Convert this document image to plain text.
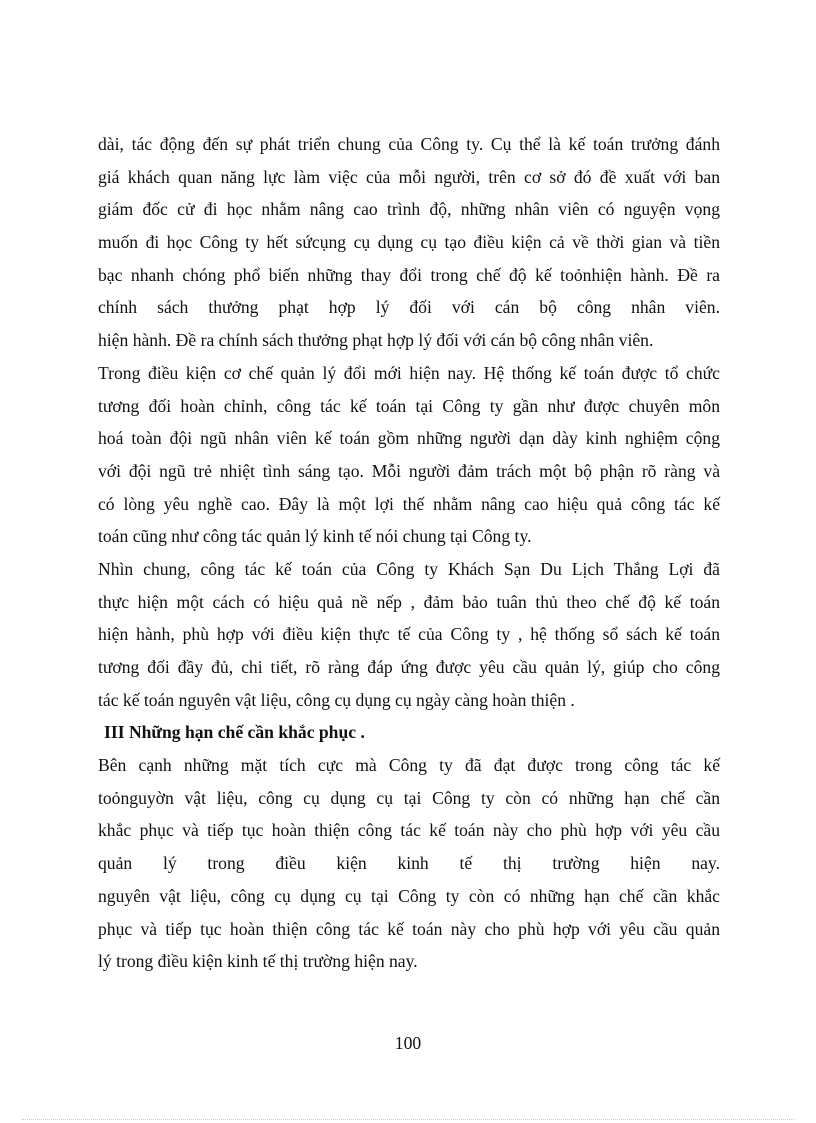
dài, tác động đến sự phát triển chung của Công ty. Cụ thể là kế toán trưởng đánh
giá khách quan năng lực làm việc của mỗi người, trên cơ sở đó đề xuất với ban
giám đốc cử đi học nhằm nâng cao trình độ, những nhân viên có nguyện vọng
muốn đi học Công ty hết sứcụng cụ dụng cụ tạo điều kiện cả về thời gian và tiền
bạc nhanh chóng phổ biến những thay đổi trong chế độ kế toỏnhiện hành. Đề ra
chính sách thưởng phạt hợp lý đối với cán bộ công nhân viên.
hiện hành. Đề ra chính sách thưởng phạt hợp lý đối với cán bộ công nhân viên.
Trong điều kiện cơ chế quản lý đổi mới hiện nay. Hệ thống kế toán được tổ chức
tương đối hoàn chỉnh, công tác kế toán tại Công ty gần như được chuyên môn
hoá toàn đội ngũ nhân viên kế toán gồm những người dạn dày kinh nghiệm cộng
với đội ngũ trẻ nhiệt tình sáng tạo. Mỗi người đảm trách một bộ phận rõ ràng và
có lòng yêu nghề cao. Đây là một lợi thế nhằm nâng cao hiệu quả công tác kế
toán cũng như công tác quản lý kinh tế nói chung tại Công ty.
Nhìn chung, công tác kế toán của Công ty Khách Sạn Du Lịch Thắng Lợi đã
thực hiện một cách có hiệu quả nề nếp , đảm bảo tuân thủ theo chế độ kế toán
hiện hành, phù hợp với điều kiện thực tế của Công ty , hệ thống sổ sách kế toán
tương đối đầy đủ, chi tiết, rõ ràng đáp ứng được yêu cầu quản lý, giúp cho công
tác kế toán nguyên vật liệu, công cụ dụng cụ ngày càng hoàn thiện .
III Những hạn chế cần khắc phục .
Bên cạnh những mặt tích cực mà Công ty đã đạt được trong công tác kế
toỏnguyờn vật liệu, công cụ dụng cụ tại Công ty còn có những hạn chế cần
khắc phục và tiếp tục hoàn thiện công tác kế toán này cho phù hợp với yêu cầu
quản lý trong điều kiện kinh tế thị trường hiện nay.
nguyên vật liệu, công cụ dụng cụ tại Công ty còn có những hạn chế cần khắc
phục và tiếp tục hoàn thiện công tác kế toán này cho phù hợp với yêu cầu quản
lý trong điều kiện kinh tế thị trường hiện nay.
100
